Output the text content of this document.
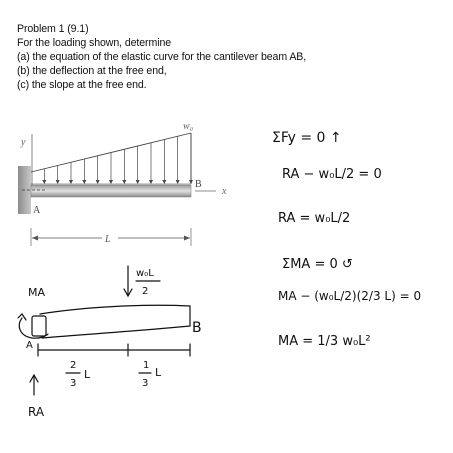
Problem 1 (9.1)
For the loading shown, determine
(a) the equation of the elastic curve for the cantilever beam AB,
(b) the deflection at the free end,
(c) the slope at the free end.
y
w₀
B
x
A
L
w₀L
2
MA
A
B
2
3
L
1
3
L
RA
ΣFy = 0 ↑
RA − w₀L/2 = 0
RA = w₀L/2
ΣMA = 0 ↺
MA − (w₀L/2)(2/3 L) = 0
MA = 1/3 w₀L²
